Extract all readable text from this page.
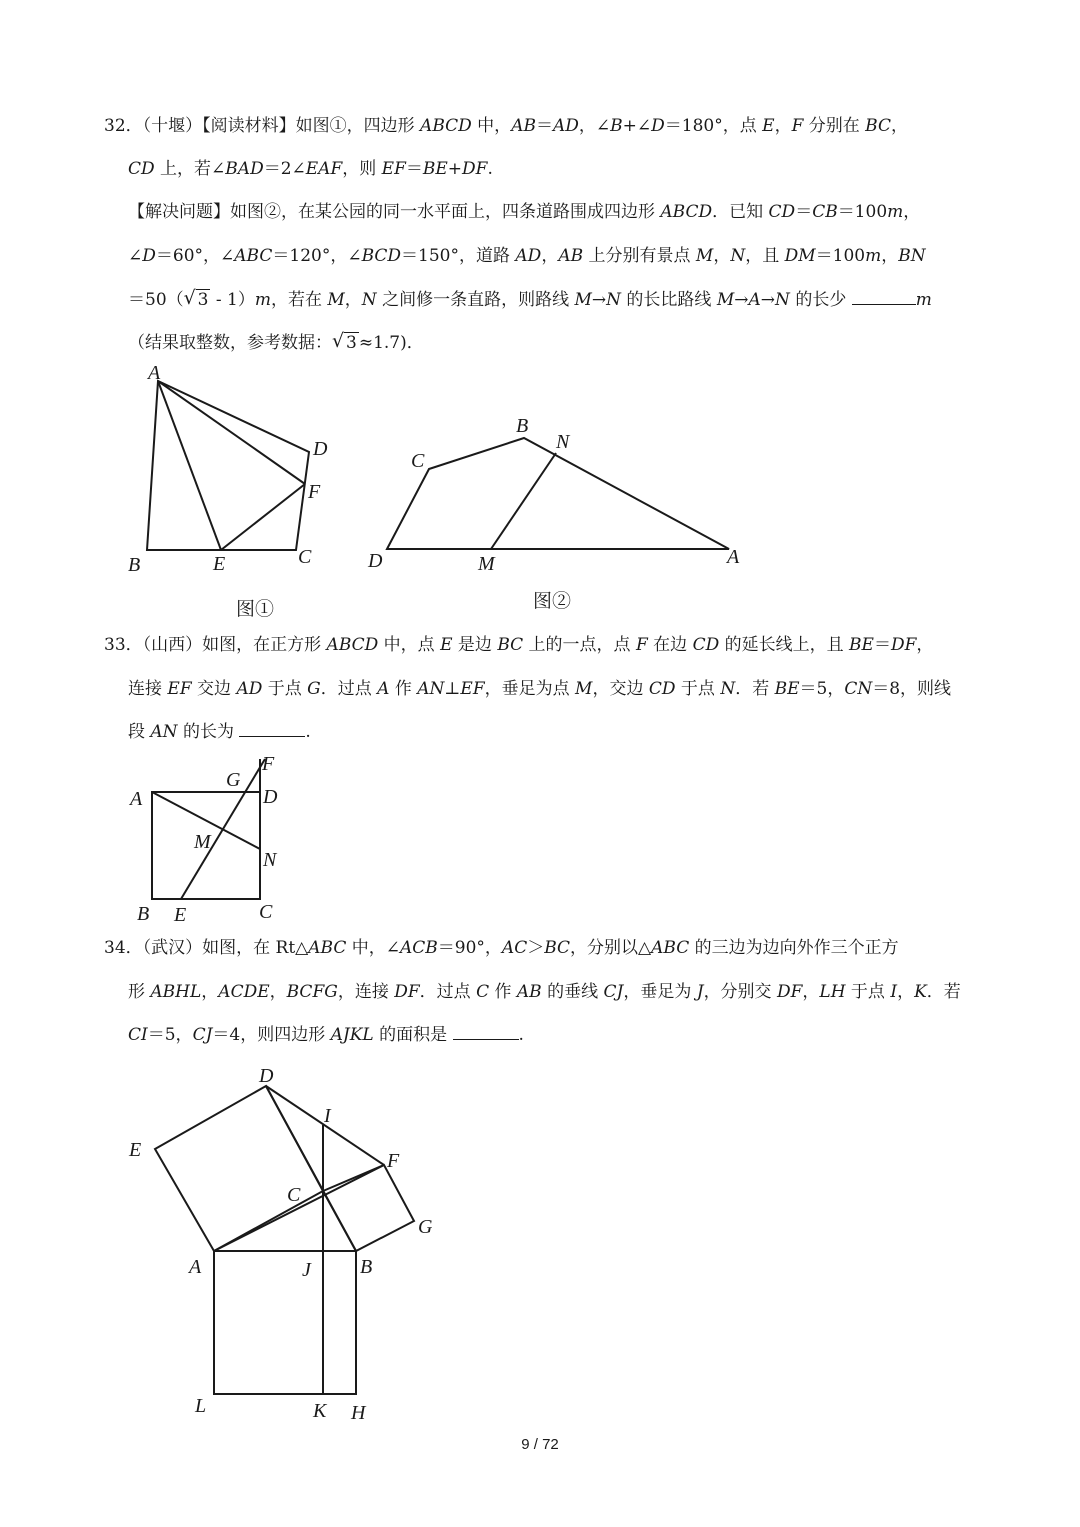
32．（十堰）【阅读材料】如图①，四边形 ABCD 中，AB＝AD，∠B+∠D＝180°，点 E，F 分别在 BC，
CD 上，若∠BAD＝2∠EAF，则 EF＝BE+DF.
【解决问题】如图②，在某公园的同一水平面上，四条道路围成四边形 ABCD．已知 CD＝CB＝100m，
∠D＝60°，∠ABC＝120°，∠BCD＝150°，道路 AD，AB 上分别有景点 M，N，且 DM＝100m，BN
＝50（ √ 3 - 1）m，若在 M，N 之间修一条直路，则路线 M→N 的长比路线 M→A→N 的长少	m
（结果取整数，参考数据： √ 3 ≈1.7)．
A
B	C
D
E
F
B
N
C
D	M	A
A
G
F
D
M
N
B E	C
D
I
E	F
C
G
A	J B
L	K H
图①	图②
33．（山西）如图，在正方形 ABCD 中，点 E 是边 BC 上的一点，点 F 在边 CD 的延长线上，且 BE＝DF，
连接 EF 交边 AD 于点 G．过点 A 作 AN⊥EF，垂足为点 M，交边 CD 于点 N．若 BE＝5，CN＝8，则线
段 AN 的长为	.
34．（武汉）如图，在 Rt△ABC 中，∠ACB＝90°，AC＞BC，分别以△ABC 的三边为边向外作三个正方
形 ABHL，ACDE，BCFG，连接 DF．过点 C 作 AB 的垂线 CJ，垂足为 J，分别交 DF，LH 于点 I，K．若
CI＝5，CJ＝4，则四边形 AJKL 的面积是	.
9 / 72
